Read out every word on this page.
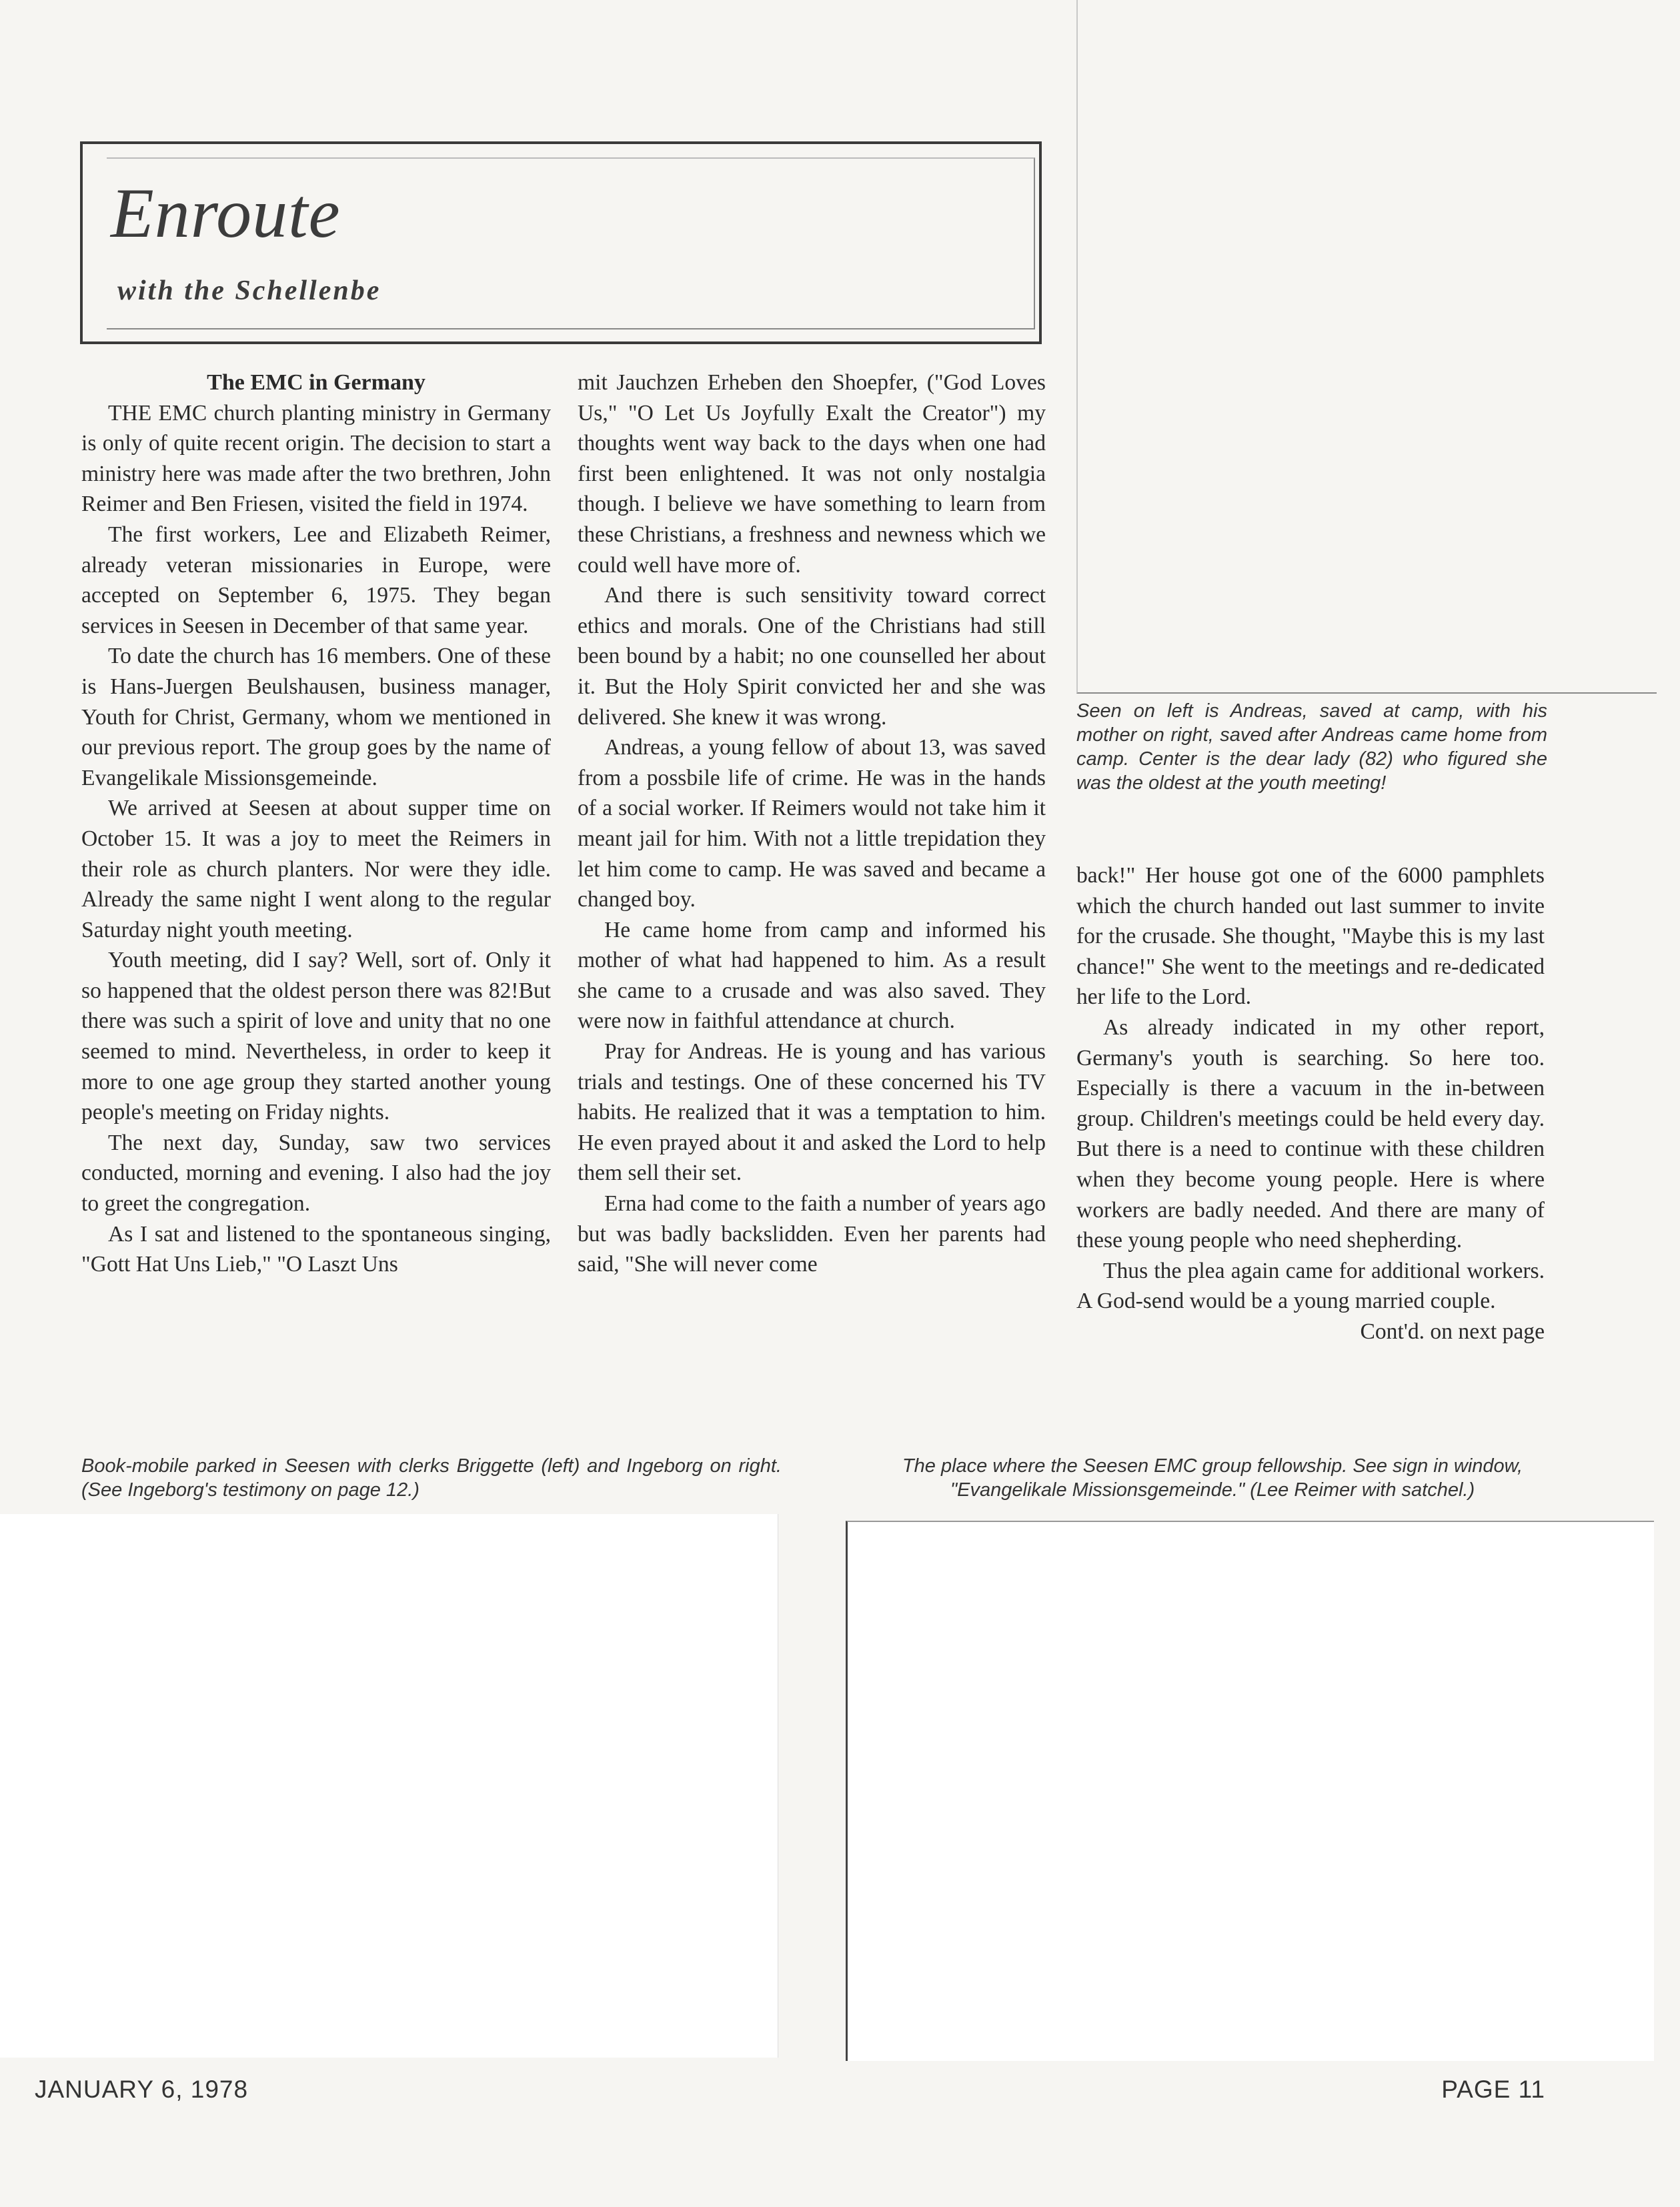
Enroute
with the Schellenbe

The EMC in Germany

THE EMC church planting ministry in Germany is only of quite recent origin. The decision to start a ministry here was made after the two brethren, John Reimer and Ben Friesen, visited the field in 1974.

The first workers, Lee and Elizabeth Reimer, already veteran missionaries in Europe, were accepted on September 6, 1975. They began services in Seesen in December of that same year.

To date the church has 16 members. One of these is Hans-Juergen Beulshausen, business manager, Youth for Christ, Germany, whom we mentioned in our previous report. The group goes by the name of Evangelikale Missionsgemeinde.

We arrived at Seesen at about supper time on October 15. It was a joy to meet the Reimers in their role as church planters. Nor were they idle. Already the same night I went along to the regular Saturday night youth meeting.

Youth meeting, did I say? Well, sort of. Only it so happened that the oldest person there was 82!But there was such a spirit of love and unity that no one seemed to mind. Nevertheless, in order to keep it more to one age group they started another young people's meeting on Friday nights.

The next day, Sunday, saw two services conducted, morning and evening. I also had the joy to greet the congregation.

As I sat and listened to the spontaneous singing, "Gott Hat Uns Lieb," "O Laszt Uns

mit Jauchzen Erheben den Shoepfer, ("God Loves Us," "O Let Us Joyfully Exalt the Creator") my thoughts went way back to the days when one had first been enlightened. It was not only nostalgia though. I believe we have something to learn from these Christians, a freshness and newness which we could well have more of.

And there is such sensitivity toward correct ethics and morals. One of the Christians had still been bound by a habit; no one counselled her about it. But the Holy Spirit convicted her and she was delivered. She knew it was wrong.

Andreas, a young fellow of about 13, was saved from a possbile life of crime. He was in the hands of a social worker. If Reimers would not take him it meant jail for him. With not a little trepidation they let him come to camp. He was saved and became a changed boy.

He came home from camp and informed his mother of what had happened to him. As a result she came to a crusade and was also saved. They were now in faithful attendance at church.

Pray for Andreas. He is young and has various trials and testings. One of these concerned his TV habits. He realized that it was a temptation to him. He even prayed about it and asked the Lord to help them sell their set.

Erna had come to the faith a number of years ago but was badly backslidden. Even her parents had said, "She will never come

Seen on left is Andreas, saved at camp, with his mother on right, saved after Andreas came home from camp. Center is the dear lady (82) who figured she was the oldest at the youth meeting!

back!" Her house got one of the 6000 pamphlets which the church handed out last summer to invite for the crusade. She thought, "Maybe this is my last chance!" She went to the meetings and re-dedicated her life to the Lord.

As already indicated in my other report, Germany's youth is searching. So here too. Especially is there a vacuum in the in-between group. Children's meetings could be held every day. But there is a need to continue with these children when they become young people. Here is where workers are badly needed. And there are many of these young people who need shepherding.

Thus the plea again came for additional workers. A God-send would be a young married couple.

Cont'd. on next page

Book-mobile parked in Seesen with clerks Briggette (left) and Ingeborg on right. (See Ingeborg's testimony on page 12.)
The place where the Seesen EMC group fellowship. See sign in window, "Evangelikale Missionsgemeinde." (Lee Reimer with satchel.)
JANUARY 6, 1978	PAGE 11
